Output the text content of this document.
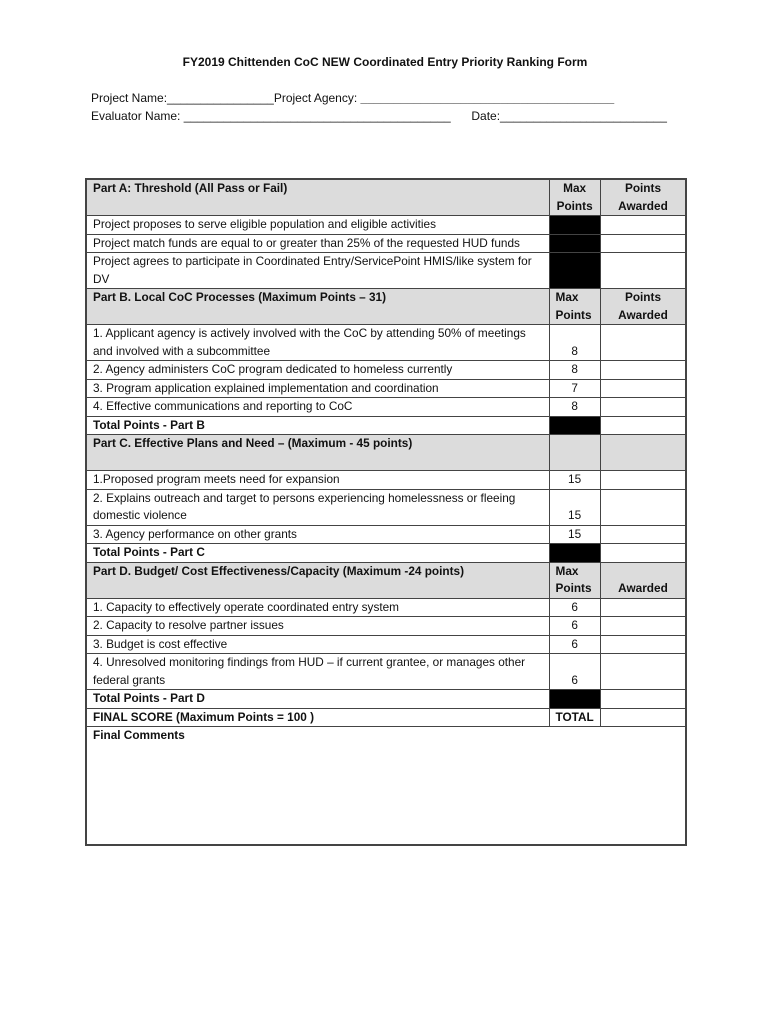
FY2019 Chittenden CoC NEW Coordinated Entry Priority Ranking Form
Project Name:________________Project Agency: ______________________________________
Evaluator Name: ________________________________________ Date:_________________________
Part A: Threshold (All Pass or Fail)	Max Points	Points Awarded
Project proposes to serve eligible population and eligible activities		
Project match funds are equal to or greater than 25% of the requested HUD funds		
Project agrees to participate in Coordinated Entry/ServicePoint HMIS/like system for DV		
Part B. Local CoC Processes (Maximum Points – 31)	Max Points	Points Awarded
1. Applicant agency is actively involved with the CoC by attending 50% of meetings and involved with a subcommittee	8	
2. Agency administers CoC program dedicated to homeless currently	8	
3. Program application explained implementation and coordination	7	
4. Effective communications and reporting to CoC	8	
Total Points - Part B		
Part C. Effective Plans and Need – (Maximum - 45 points)		
1.Proposed program meets need for expansion	15	
2. Explains outreach and target to persons experiencing homelessness or fleeing domestic violence	15	
3. Agency performance on other grants	15	
Total Points - Part C		
Part D. Budget/ Cost Effectiveness/Capacity (Maximum -24 points)	Max Points	Awarded
1. Capacity to effectively operate coordinated entry system	6	
2. Capacity to resolve partner issues	6	
3. Budget is cost effective	6	
4. Unresolved monitoring findings from HUD – if current grantee, or manages other federal grants	6	
Total Points - Part D		
FINAL SCORE (Maximum Points = 100 )	TOTAL	
Final Comments		
